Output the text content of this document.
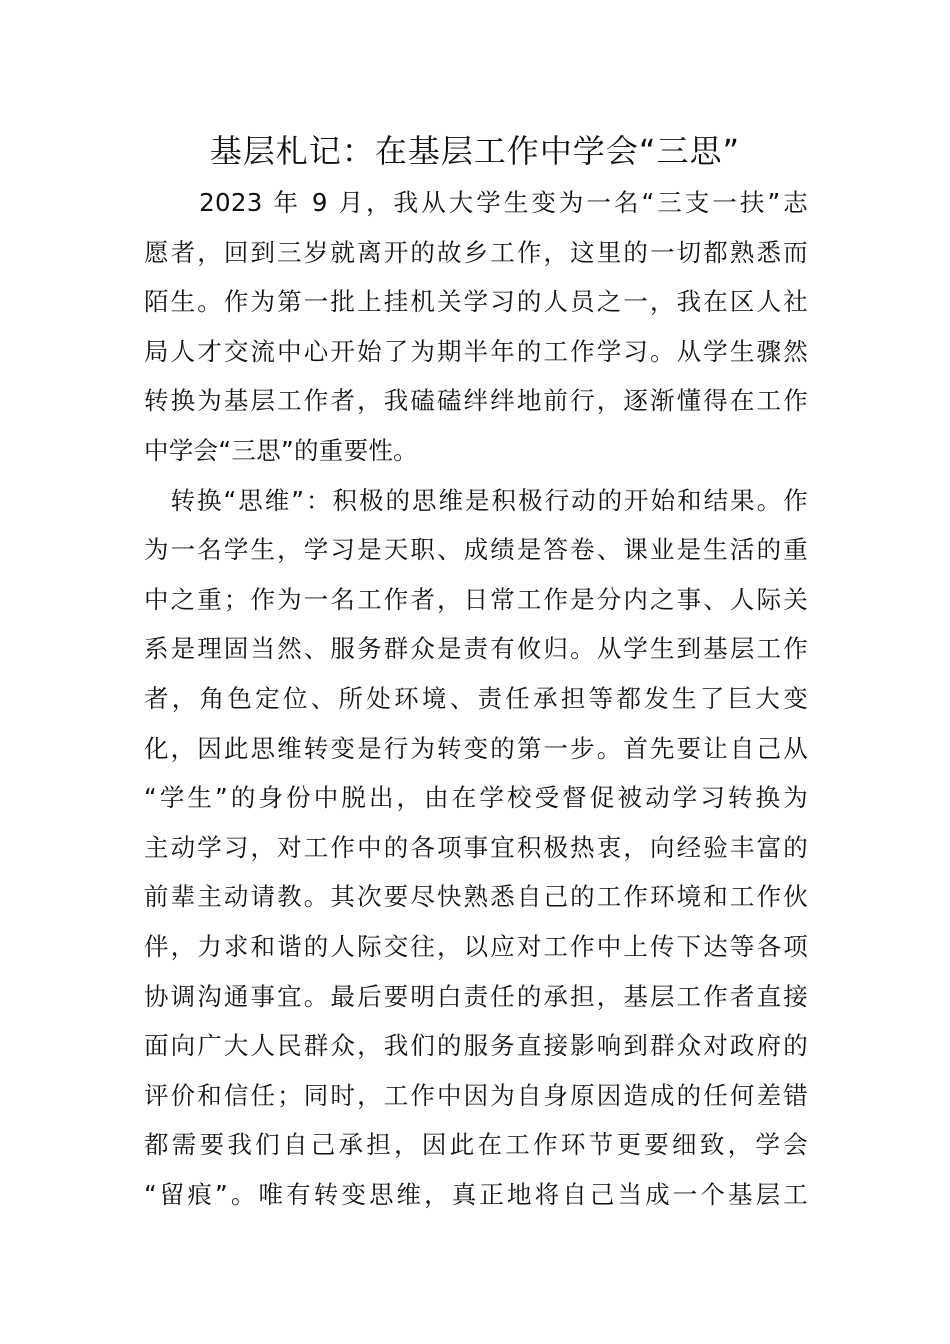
基层札记：在基层工作中学会“三思”
　　2023 年 9 月，我从大学生变为一名“三支一扶”志
愿者，回到三岁就离开的故乡工作，这里的一切都熟悉而
陌生。作为第一批上挂机关学习的人员之一，我在区人社
局人才交流中心开始了为期半年的工作学习。从学生骤然
转换为基层工作者，我磕磕绊绊地前行，逐渐懂得在工作
中学会“三思”的重要性。
　转换“思维”：积极的思维是积极行动的开始和结果。作
为一名学生，学习是天职、成绩是答卷、课业是生活的重
中之重；作为一名工作者，日常工作是分内之事、人际关
系是理固当然、服务群众是责有攸归。从学生到基层工作
者，角色定位、所处环境、责任承担等都发生了巨大变
化，因此思维转变是行为转变的第一步。首先要让自己从
“学生”的身份中脱出，由在学校受督促被动学习转换为
主动学习，对工作中的各项事宜积极热衷，向经验丰富的
前辈主动请教。其次要尽快熟悉自己的工作环境和工作伙
伴，力求和谐的人际交往，以应对工作中上传下达等各项
协调沟通事宜。最后要明白责任的承担，基层工作者直接
面向广大人民群众，我们的服务直接影响到群众对政府的
评价和信任；同时，工作中因为自身原因造成的任何差错
都需要我们自己承担，因此在工作环节更要细致，学会
“留痕”。唯有转变思维，真正地将自己当成一个基层工
